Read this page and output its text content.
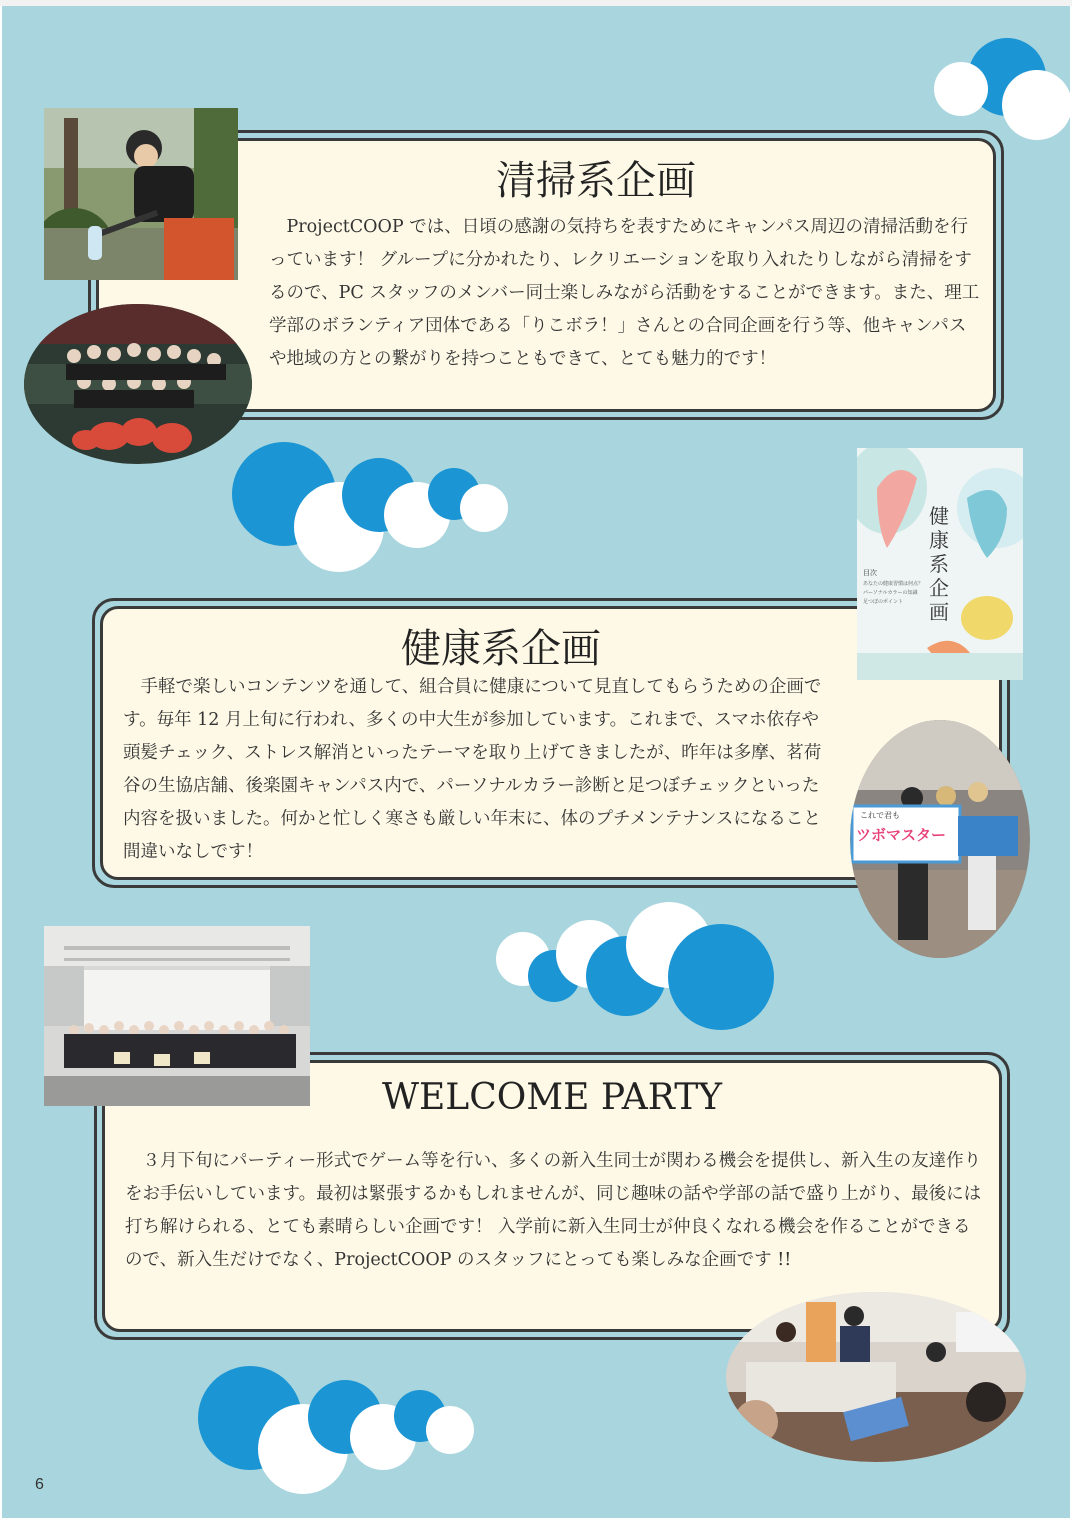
清掃系企画
　ProjectCOOP では、日頃の感謝の気持ちを表すためにキャンパス周辺の清掃活動を行っています！ グループに分かれたり、レクリエーションを取り入れたりしながら清掃をするので、PC スタッフのメンバー同士楽しみながら活動をすることができます。また、理工学部のボランティア団体である「りこボラ！」さんとの合同企画を行う等、他キャンパスや地域の方との繋がりを持つこともできて、とても魅力的です！
健康系企画
　手軽で楽しいコンテンツを通して、組合員に健康について見直してもらうための企画です。毎年 12 月上旬に行われ、多くの中大生が参加しています。これまで、スマホ依存や頭髪チェック、ストレス解消といったテーマを取り上げてきましたが、昨年は多摩、茗荷谷の生協店舗、後楽園キャンパス内で、パーソナルカラー診断と足つぼチェックといった内容を扱いました。何かと忙しく寒さも厳しい年末に、体のプチメンテナンスになること間違いなしです！
健康系企画
目次
あなたの健康習慣は何点？
パーソナルカラーの知識
足つぼのポイント
これで君も
ツボマスター
WELCOME PARTY
　３月下旬にパーティー形式でゲーム等を行い、多くの新入生同士が関わる機会を提供し、新入生の友達作りをお手伝いしています。最初は緊張するかもしれませんが、同じ趣味の話や学部の話で盛り上がり、最後には打ち解けられる、とても素晴らしい企画です！ 入学前に新入生同士が仲良くなれる機会を作ることができるので、新入生だけでなく、ProjectCOOP のスタッフにとっても楽しみな企画です !!
6
